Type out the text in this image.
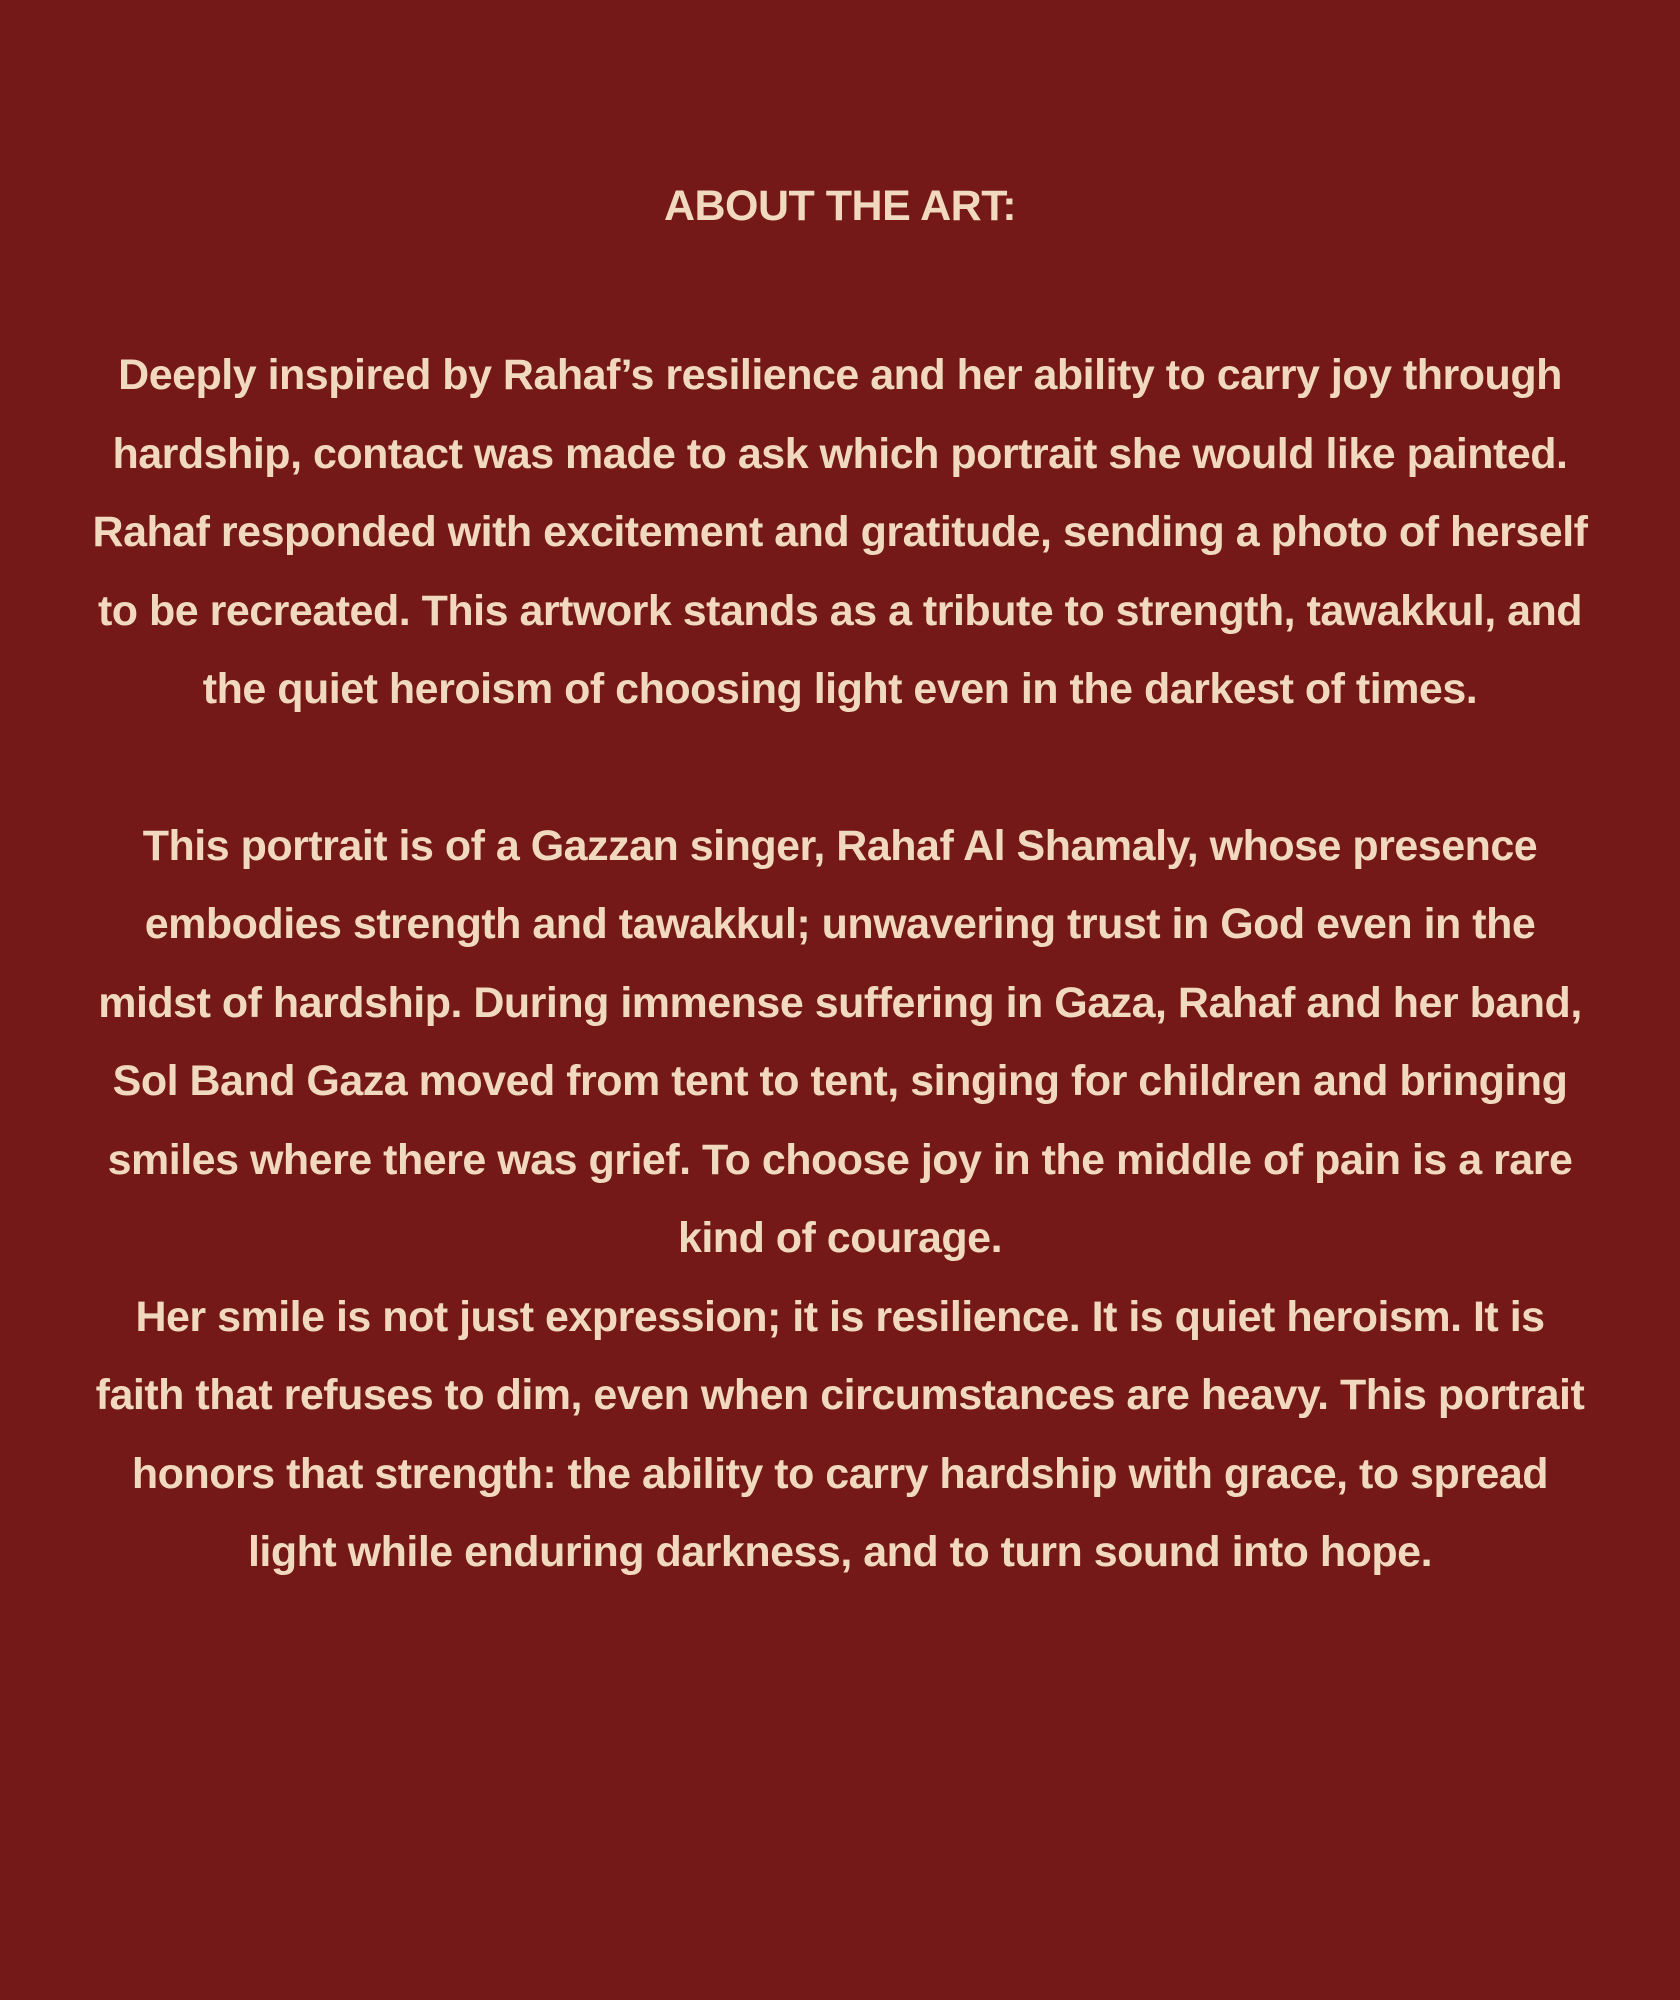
ABOUT THE ART:

Deeply inspired by Rahaf’s resilience and her ability to carry joy through hardship, contact was made to ask which portrait she would like painted. Rahaf responded with excitement and gratitude, sending a photo of herself to be recreated. This artwork stands as a tribute to strength, tawakkul, and the quiet heroism of choosing light even in the darkest of times.

This portrait is of a Gazzan singer, Rahaf Al Shamaly, whose presence embodies strength and tawakkul; unwavering trust in God even in the midst of hardship. During immense suffering in Gaza, Rahaf and her band, Sol Band Gaza moved from tent to tent, singing for children and bringing smiles where there was grief. To choose joy in the middle of pain is a rare kind of courage.

Her smile is not just expression; it is resilience. It is quiet heroism. It is faith that refuses to dim, even when circumstances are heavy. This portrait honors that strength: the ability to carry hardship with grace, to spread light while enduring darkness, and to turn sound into hope.
